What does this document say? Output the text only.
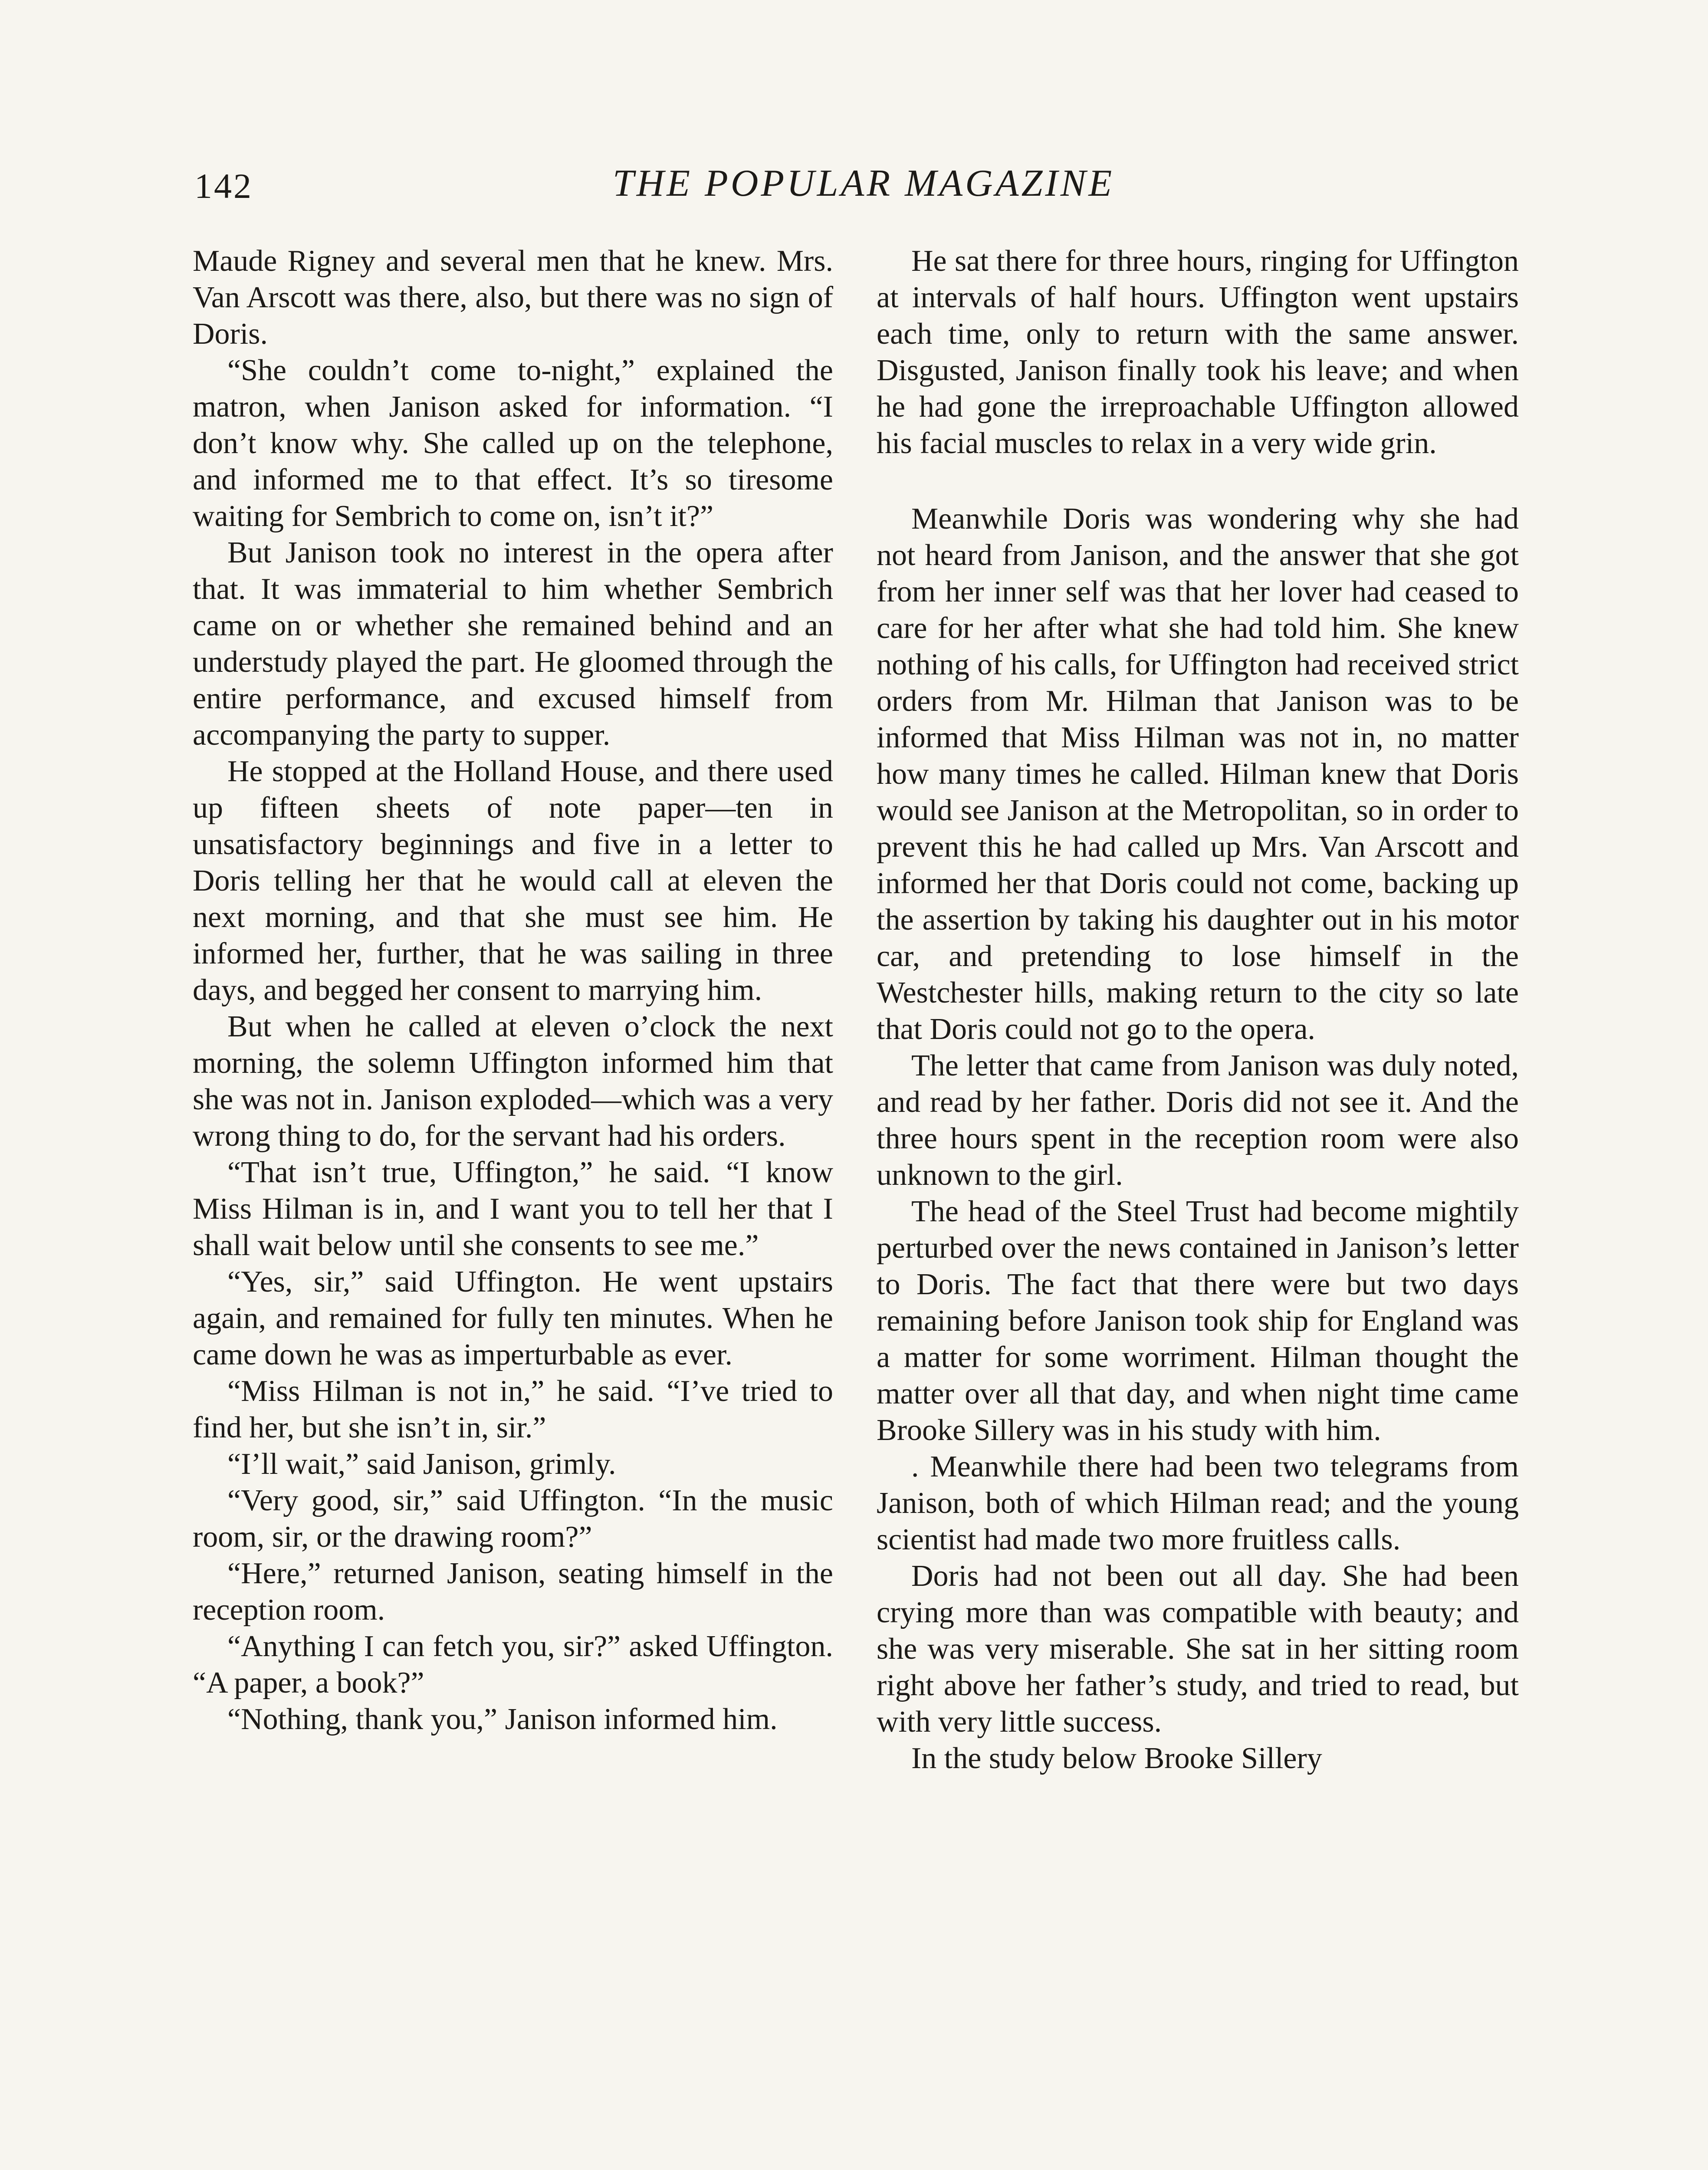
142	THE POPULAR MAGAZINE

Maude Rigney and several men that he knew. Mrs. Van Arscott was there, also, but there was no sign of Doris.

“She couldn’t come to-night,” explained the matron, when Janison asked for information. “I don’t know why. She called up on the telephone, and informed me to that effect. It’s so tiresome waiting for Sembrich to come on, isn’t it?”

But Janison took no interest in the opera after that. It was immaterial to him whether Sembrich came on or whether she remained behind and an understudy played the part. He gloomed through the entire performance, and excused himself from accompanying the party to supper.

He stopped at the Holland House, and there used up fifteen sheets of note paper—ten in unsatisfactory beginnings and five in a letter to Doris telling her that he would call at eleven the next morning, and that she must see him. He informed her, further, that he was sailing in three days, and begged her consent to marrying him.

But when he called at eleven o’clock the next morning, the solemn Uffington informed him that she was not in. Janison exploded—which was a very wrong thing to do, for the servant had his orders.

“That isn’t true, Uffington,” he said. “I know Miss Hilman is in, and I want you to tell her that I shall wait below until she consents to see me.”

“Yes, sir,” said Uffington. He went upstairs again, and remained for fully ten minutes. When he came down he was as imperturbable as ever.

“Miss Hilman is not in,” he said. “I’ve tried to find her, but she isn’t in, sir.”

“I’ll wait,” said Janison, grimly.

“Very good, sir,” said Uffington. “In the music room, sir, or the drawing room?”

“Here,” returned Janison, seating himself in the reception room.

“Anything I can fetch you, sir?” asked Uffington. “A paper, a book?”

“Nothing, thank you,” Janison informed him.

He sat there for three hours, ringing for Uffington at intervals of half hours. Uffington went upstairs each time, only to return with the same answer. Disgusted, Janison finally took his leave; and when he had gone the irreproachable Uffington allowed his facial muscles to relax in a very wide grin.

Meanwhile Doris was wondering why she had not heard from Janison, and the answer that she got from her inner self was that her lover had ceased to care for her after what she had told him. She knew nothing of his calls, for Uffington had received strict orders from Mr. Hilman that Janison was to be informed that Miss Hilman was not in, no matter how many times he called. Hilman knew that Doris would see Janison at the Metropolitan, so in order to prevent this he had called up Mrs. Van Arscott and informed her that Doris could not come, backing up the assertion by taking his daughter out in his motor car, and pretending to lose himself in the Westchester hills, making return to the city so late that Doris could not go to the opera.

The letter that came from Janison was duly noted, and read by her father. Doris did not see it. And the three hours spent in the reception room were also unknown to the girl.

The head of the Steel Trust had become mightily perturbed over the news contained in Janison’s letter to Doris. The fact that there were but two days remaining before Janison took ship for England was a matter for some worriment. Hilman thought the matter over all that day, and when night time came Brooke Sillery was in his study with him.

. Meanwhile there had been two telegrams from Janison, both of which Hilman read; and the young scientist had made two more fruitless calls.

Doris had not been out all day. She had been crying more than was compatible with beauty; and she was very miserable. She sat in her sitting room right above her father’s study, and tried to read, but with very little success.

In the study below Brooke Sillery
